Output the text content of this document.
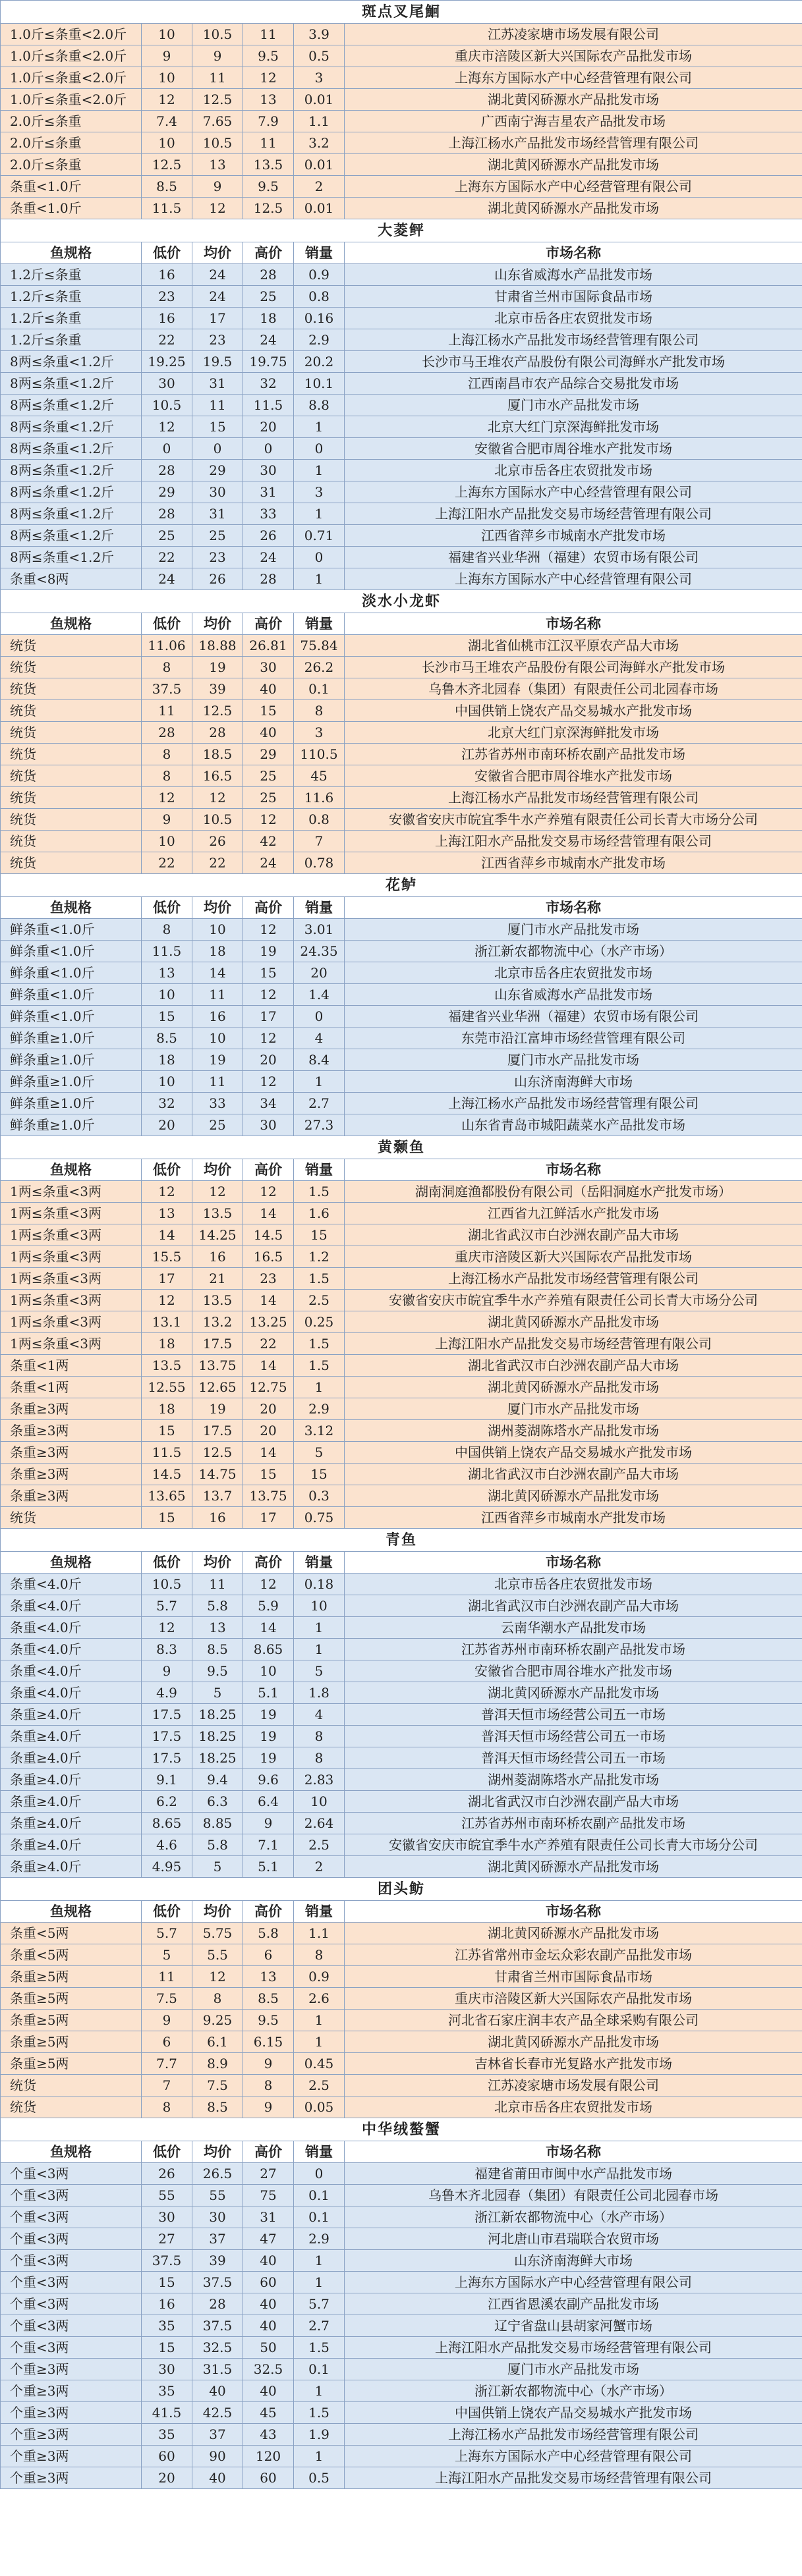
斑点叉尾鮰					
1.0斤≤条重<2.0斤	10	10.5	11	3.9	江苏凌家塘市场发展有限公司
1.0斤≤条重<2.0斤	9	9	9.5	0.5	重庆市涪陵区新大兴国际农产品批发市场
1.0斤≤条重<2.0斤	10	11	12	3	上海东方国际水产中心经营管理有限公司
1.0斤≤条重<2.0斤	12	12.5	13	0.01	湖北黄冈硚源水产品批发市场
2.0斤≤条重	7.4	7.65	7.9	1.1	广西南宁海吉星农产品批发市场
2.0斤≤条重	10	10.5	11	3.2	上海江杨水产品批发市场经营管理有限公司
2.0斤≤条重	12.5	13	13.5	0.01	湖北黄冈硚源水产品批发市场
条重<1.0斤	8.5	9	9.5	2	上海东方国际水产中心经营管理有限公司
条重<1.0斤	11.5	12	12.5	0.01	湖北黄冈硚源水产品批发市场
大菱鲆					
鱼规格	低价	均价	高价	销量	市场名称
1.2斤≤条重	16	24	28	0.9	山东省威海水产品批发市场
1.2斤≤条重	23	24	25	0.8	甘肃省兰州市国际食品市场
1.2斤≤条重	16	17	18	0.16	北京市岳各庄农贸批发市场
1.2斤≤条重	22	23	24	2.9	上海江杨水产品批发市场经营管理有限公司
8两≤条重<1.2斤	19.25	19.5	19.75	20.2	长沙市马王堆农产品股份有限公司海鲜水产批发市场
8两≤条重<1.2斤	30	31	32	10.1	江西南昌市农产品综合交易批发市场
8两≤条重<1.2斤	10.5	11	11.5	8.8	厦门市水产品批发市场
8两≤条重<1.2斤	12	15	20	1	北京大红门京深海鲜批发市场
8两≤条重<1.2斤	0	0	0	0	安徽省合肥市周谷堆水产批发市场
8两≤条重<1.2斤	28	29	30	1	北京市岳各庄农贸批发市场
8两≤条重<1.2斤	29	30	31	3	上海东方国际水产中心经营管理有限公司
8两≤条重<1.2斤	28	31	33	1	上海江阳水产品批发交易市场经营管理有限公司
8两≤条重<1.2斤	25	25	26	0.71	江西省萍乡市城南水产批发市场
8两≤条重<1.2斤	22	23	24	0	福建省兴业华洲（福建）农贸市场有限公司
条重<8两	24	26	28	1	上海东方国际水产中心经营管理有限公司
淡水小龙虾					
鱼规格	低价	均价	高价	销量	市场名称
统货	11.06	18.88	26.81	75.84	湖北省仙桃市江汉平原农产品大市场
统货	8	19	30	26.2	长沙市马王堆农产品股份有限公司海鲜水产批发市场
统货	37.5	39	40	0.1	乌鲁木齐北园春（集团）有限责任公司北园春市场
统货	11	12.5	15	8	中国供销上饶农产品交易城水产批发市场
统货	28	28	40	3	北京大红门京深海鲜批发市场
统货	8	18.5	29	110.5	江苏省苏州市南环桥农副产品批发市场
统货	8	16.5	25	45	安徽省合肥市周谷堆水产批发市场
统货	12	12	25	11.6	上海江杨水产品批发市场经营管理有限公司
统货	9	10.5	12	0.8	安徽省安庆市皖宜季牛水产养殖有限责任公司长青大市场分公司
统货	10	26	42	7	上海江阳水产品批发交易市场经营管理有限公司
统货	22	22	24	0.78	江西省萍乡市城南水产批发市场
花鲈					
鱼规格	低价	均价	高价	销量	市场名称
鲜条重<1.0斤	8	10	12	3.01	厦门市水产品批发市场
鲜条重<1.0斤	11.5	18	19	24.35	浙江新农都物流中心（水产市场）
鲜条重<1.0斤	13	14	15	20	北京市岳各庄农贸批发市场
鲜条重<1.0斤	10	11	12	1.4	山东省威海水产品批发市场
鲜条重<1.0斤	15	16	17	0	福建省兴业华洲（福建）农贸市场有限公司
鲜条重≥1.0斤	8.5	10	12	4	东莞市沿江富坤市场经营管理有限公司
鲜条重≥1.0斤	18	19	20	8.4	厦门市水产品批发市场
鲜条重≥1.0斤	10	11	12	1	山东济南海鲜大市场
鲜条重≥1.0斤	32	33	34	2.7	上海江杨水产品批发市场经营管理有限公司
鲜条重≥1.0斤	20	25	30	27.3	山东省青岛市城阳蔬菜水产品批发市场
黄颡鱼					
鱼规格	低价	均价	高价	销量	市场名称
1两≤条重<3两	12	12	12	1.5	湖南洞庭渔都股份有限公司（岳阳洞庭水产批发市场）
1两≤条重<3两	13	13.5	14	1.6	江西省九江鲜活水产批发市场
1两≤条重<3两	14	14.25	14.5	15	湖北省武汉市白沙洲农副产品大市场
1两≤条重<3两	15.5	16	16.5	1.2	重庆市涪陵区新大兴国际农产品批发市场
1两≤条重<3两	17	21	23	1.5	上海江杨水产品批发市场经营管理有限公司
1两≤条重<3两	12	13.5	14	2.5	安徽省安庆市皖宜季牛水产养殖有限责任公司长青大市场分公司
1两≤条重<3两	13.1	13.2	13.25	0.25	湖北黄冈硚源水产品批发市场
1两≤条重<3两	18	17.5	22	1.5	上海江阳水产品批发交易市场经营管理有限公司
条重<1两	13.5	13.75	14	1.5	湖北省武汉市白沙洲农副产品大市场
条重<1两	12.55	12.65	12.75	1	湖北黄冈硚源水产品批发市场
条重≥3两	18	19	20	2.9	厦门市水产品批发市场
条重≥3两	15	17.5	20	3.12	湖州菱湖陈塔水产品批发市场
条重≥3两	11.5	12.5	14	5	中国供销上饶农产品交易城水产批发市场
条重≥3两	14.5	14.75	15	15	湖北省武汉市白沙洲农副产品大市场
条重≥3两	13.65	13.7	13.75	0.3	湖北黄冈硚源水产品批发市场
统货	15	16	17	0.75	江西省萍乡市城南水产批发市场
青鱼					
鱼规格	低价	均价	高价	销量	市场名称
条重<4.0斤	10.5	11	12	0.18	北京市岳各庄农贸批发市场
条重<4.0斤	5.7	5.8	5.9	10	湖北省武汉市白沙洲农副产品大市场
条重<4.0斤	12	13	14	1	云南华潮水产品批发市场
条重<4.0斤	8.3	8.5	8.65	1	江苏省苏州市南环桥农副产品批发市场
条重<4.0斤	9	9.5	10	5	安徽省合肥市周谷堆水产批发市场
条重<4.0斤	4.9	5	5.1	1.8	湖北黄冈硚源水产品批发市场
条重≥4.0斤	17.5	18.25	19	4	普洱天恒市场经营公司五一市场
条重≥4.0斤	17.5	18.25	19	8	普洱天恒市场经营公司五一市场
条重≥4.0斤	17.5	18.25	19	8	普洱天恒市场经营公司五一市场
条重≥4.0斤	9.1	9.4	9.6	2.83	湖州菱湖陈塔水产品批发市场
条重≥4.0斤	6.2	6.3	6.4	10	湖北省武汉市白沙洲农副产品大市场
条重≥4.0斤	8.65	8.85	9	2.64	江苏省苏州市南环桥农副产品批发市场
条重≥4.0斤	4.6	5.8	7.1	2.5	安徽省安庆市皖宜季牛水产养殖有限责任公司长青大市场分公司
条重≥4.0斤	4.95	5	5.1	2	湖北黄冈硚源水产品批发市场
团头鲂					
鱼规格	低价	均价	高价	销量	市场名称
条重<5两	5.7	5.75	5.8	1.1	湖北黄冈硚源水产品批发市场
条重<5两	5	5.5	6	8	江苏省常州市金坛众彩农副产品批发市场
条重≥5两	11	12	13	0.9	甘肃省兰州市国际食品市场
条重≥5两	7.5	8	8.5	2.6	重庆市涪陵区新大兴国际农产品批发市场
条重≥5两	9	9.25	9.5	1	河北省石家庄润丰农产品全球采购有限公司
条重≥5两	6	6.1	6.15	1	湖北黄冈硚源水产品批发市场
条重≥5两	7.7	8.9	9	0.45	吉林省长春市光复路水产批发市场
统货	7	7.5	8	2.5	江苏凌家塘市场发展有限公司
统货	8	8.5	9	0.05	北京市岳各庄农贸批发市场
中华绒螯蟹					
鱼规格	低价	均价	高价	销量	市场名称
个重<3两	26	26.5	27	0	福建省莆田市闽中水产品批发市场
个重<3两	55	55	75	0.1	乌鲁木齐北园春（集团）有限责任公司北园春市场
个重<3两	30	30	31	0.1	浙江新农都物流中心（水产市场）
个重<3两	27	37	47	2.9	河北唐山市君瑞联合农贸市场
个重<3两	37.5	39	40	1	山东济南海鲜大市场
个重<3两	15	37.5	60	1	上海东方国际水产中心经营管理有限公司
个重<3两	16	28	40	5.7	江西省恩溪农副产品批发市场
个重<3两	35	37.5	40	2.7	辽宁省盘山县胡家河蟹市场
个重<3两	15	32.5	50	1.5	上海江阳水产品批发交易市场经营管理有限公司
个重≥3两	30	31.5	32.5	0.1	厦门市水产品批发市场
个重≥3两	35	40	40	1	浙江新农都物流中心（水产市场）
个重≥3两	41.5	42.5	45	1.5	中国供销上饶农产品交易城水产批发市场
个重≥3两	35	37	43	1.9	上海江杨水产品批发市场经营管理有限公司
个重≥3两	60	90	120	1	上海东方国际水产中心经营管理有限公司
个重≥3两	20	40	60	0.5	上海江阳水产品批发交易市场经营管理有限公司
